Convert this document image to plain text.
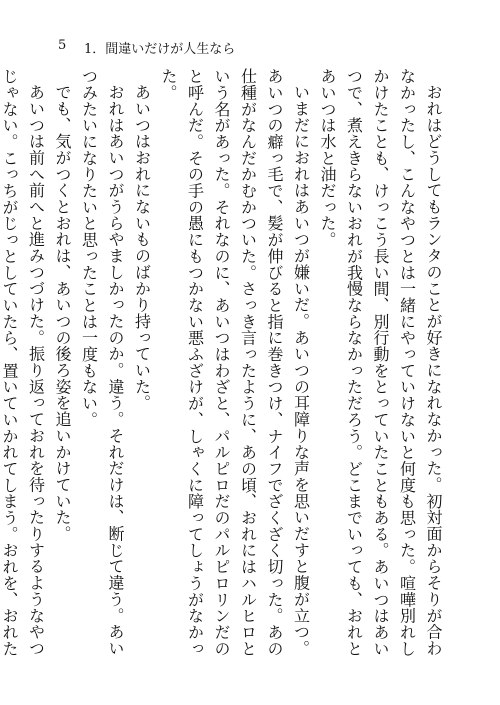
5 1．間違いだけが人生なら

おれはどうしてもランタのことが好きになれなかった。初対面からそりが合わなかったし、こんなやつとは一緒にやっていけないと何度も思った。喧嘩別れしかけたことも、けっこう長い間、別行動をとっていたこともある。あいつはあいつで、煮えきらないおれが我慢ならなかっただろう。どこまでいっても、おれとあいつは水と油だった。

いまだにおれはあいつが嫌いだ。あいつの耳障りな声を思いだすと腹が立つ。あいつの癖っ毛で、髪が伸びると指に巻きつけ、ナイフでざくざく切った。あの仕種がなんだかむかついた。さっき言ったように、あの頃、おれにはハルヒロという名があった。それなのに、あいつはわざと、パルピロだのパルピロリンだのと呼んだ。その手の愚にもつかない悪ふざけが、しゃくに障ってしょうがなかった。

あいつはおれにないものばかり持っていた。

おれはあいつがうらやましかったのか。違う。それだけは、断じて違う。あいつみたいになりたいと思ったことは一度もない。

でも、気がつくとおれは、あいつの後ろ姿を追いかけていた。

あいつは前へ前へと進みつづけた。振り返っておれを待ったりするようなやつじゃない。こっちがじっとしていたら、置いていかれてしまう。おれを、おれた
